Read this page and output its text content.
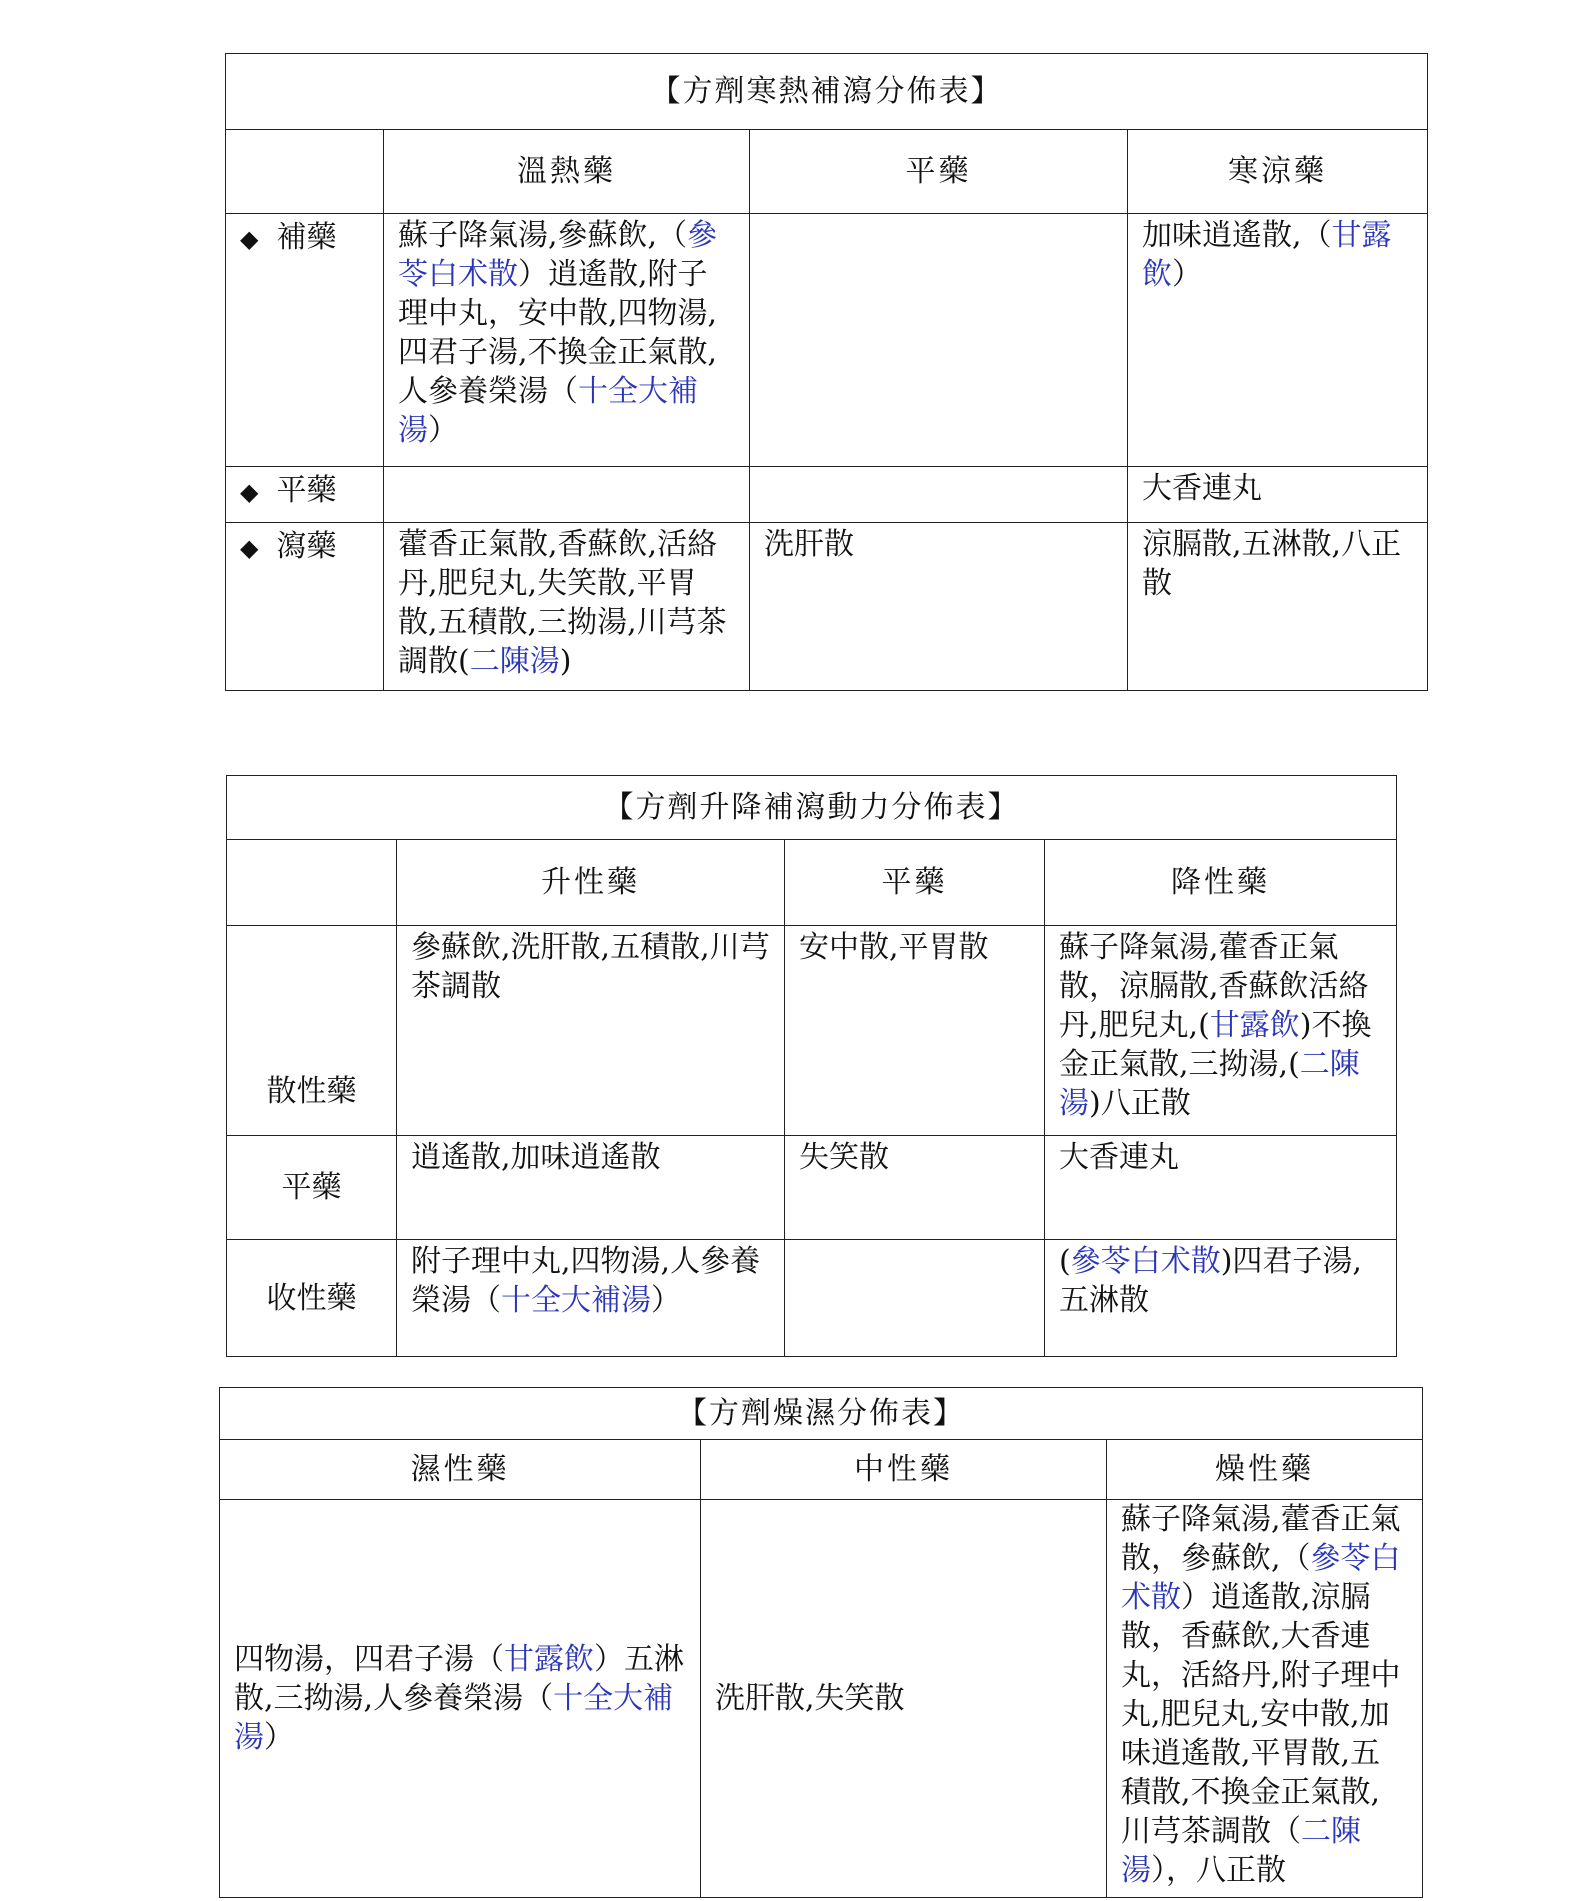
【方劑寒熱補瀉分佈表】			
	溫熱藥	平藥	寒涼藥
◆ 補藥	蘇子降氣湯,參蘇飲,（參苓白术散）逍遙散,附子理中丸，安中散,四物湯,四君子湯,不換金正氣散,人參養榮湯（十全大補湯）		加味逍遙散,（甘露飲）
◆ 平藥			大香連丸
◆ 瀉藥	藿香正氣散,香蘇飲,活絡丹,肥兒丸,失笑散,平胃散,五積散,三拗湯,川芎茶調散(二陳湯)	洗肝散	涼膈散,五淋散,八正散
【方劑升降補瀉動力分佈表】			
	升性藥	平藥	降性藥
散性藥	參蘇飲,洗肝散,五積散,川芎茶調散	安中散,平胃散	蘇子降氣湯,藿香正氣散，涼膈散,香蘇飲活絡丹,肥兒丸,(甘露飲)不換金正氣散,三拗湯,(二陳湯)八正散
平藥	逍遙散,加味逍遙散	失笑散	大香連丸
收性藥	附子理中丸,四物湯,人參養榮湯（十全大補湯）		(參苓白术散)四君子湯,五淋散
【方劑燥濕分佈表】		
濕性藥	中性藥	燥性藥
四物湯，四君子湯（甘露飲）五淋散,三拗湯,人參養榮湯（十全大補湯）	洗肝散,失笑散	蘇子降氣湯,藿香正氣散，參蘇飲,（參苓白术散）逍遙散,涼膈散，香蘇飲,大香連丸，活絡丹,附子理中丸,肥兒丸,安中散,加味逍遙散,平胃散,五積散,不換金正氣散,川芎茶調散（二陳湯），八正散
